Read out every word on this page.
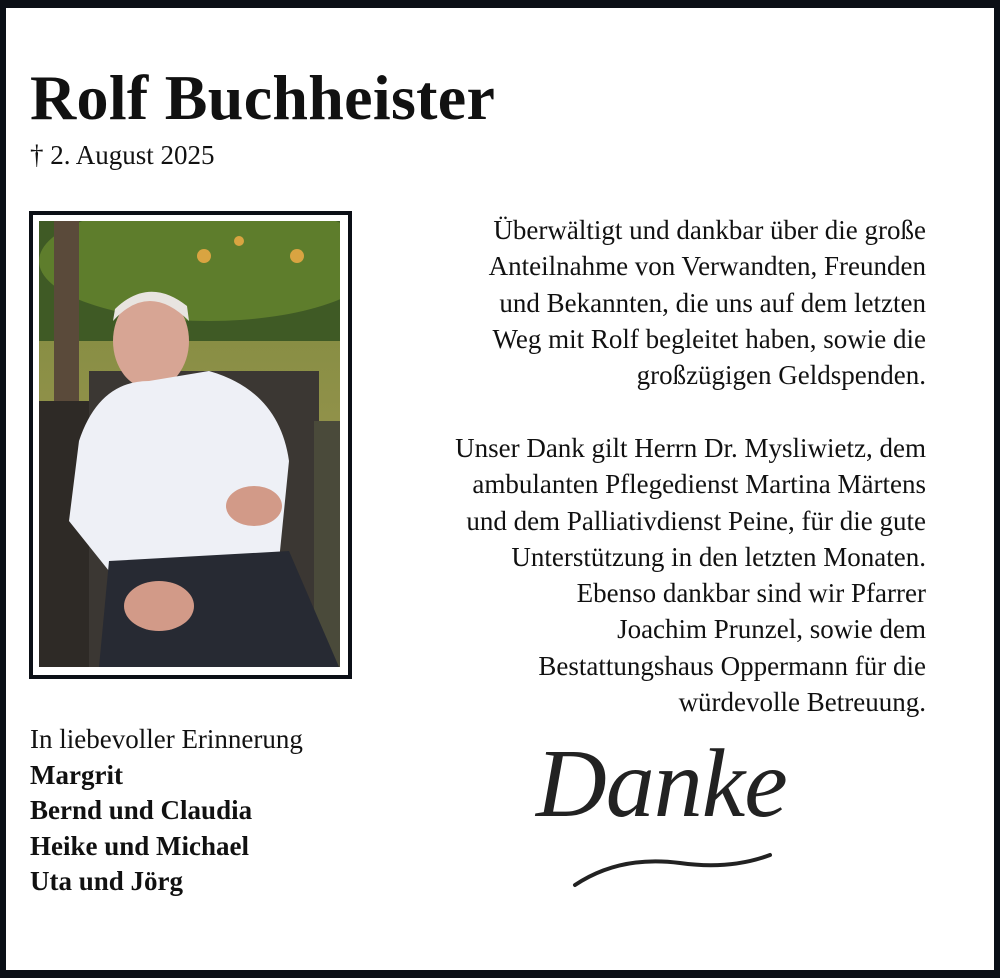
Rolf Buchheister
† 2. August 2025
Überwältigt und dankbar über die große
Anteilnahme von Verwandten, Freunden
und Bekannten, die uns auf dem letzten
Weg mit Rolf begleitet haben, sowie die
großzügigen Geldspenden.
Unser Dank gilt Herrn Dr. Mysliwietz, dem
ambulanten Pflegedienst Martina Märtens
und dem Palliativdienst Peine, für die gute
Unterstützung in den letzten Monaten.
Ebenso dankbar sind wir Pfarrer
Joachim Prunzel, sowie dem
Bestattungshaus Oppermann für die
würdevolle Betreuung.
In liebevoller Erinnerung
Margrit
Bernd und Claudia
Heike und Michael
Uta und Jörg
Danke
